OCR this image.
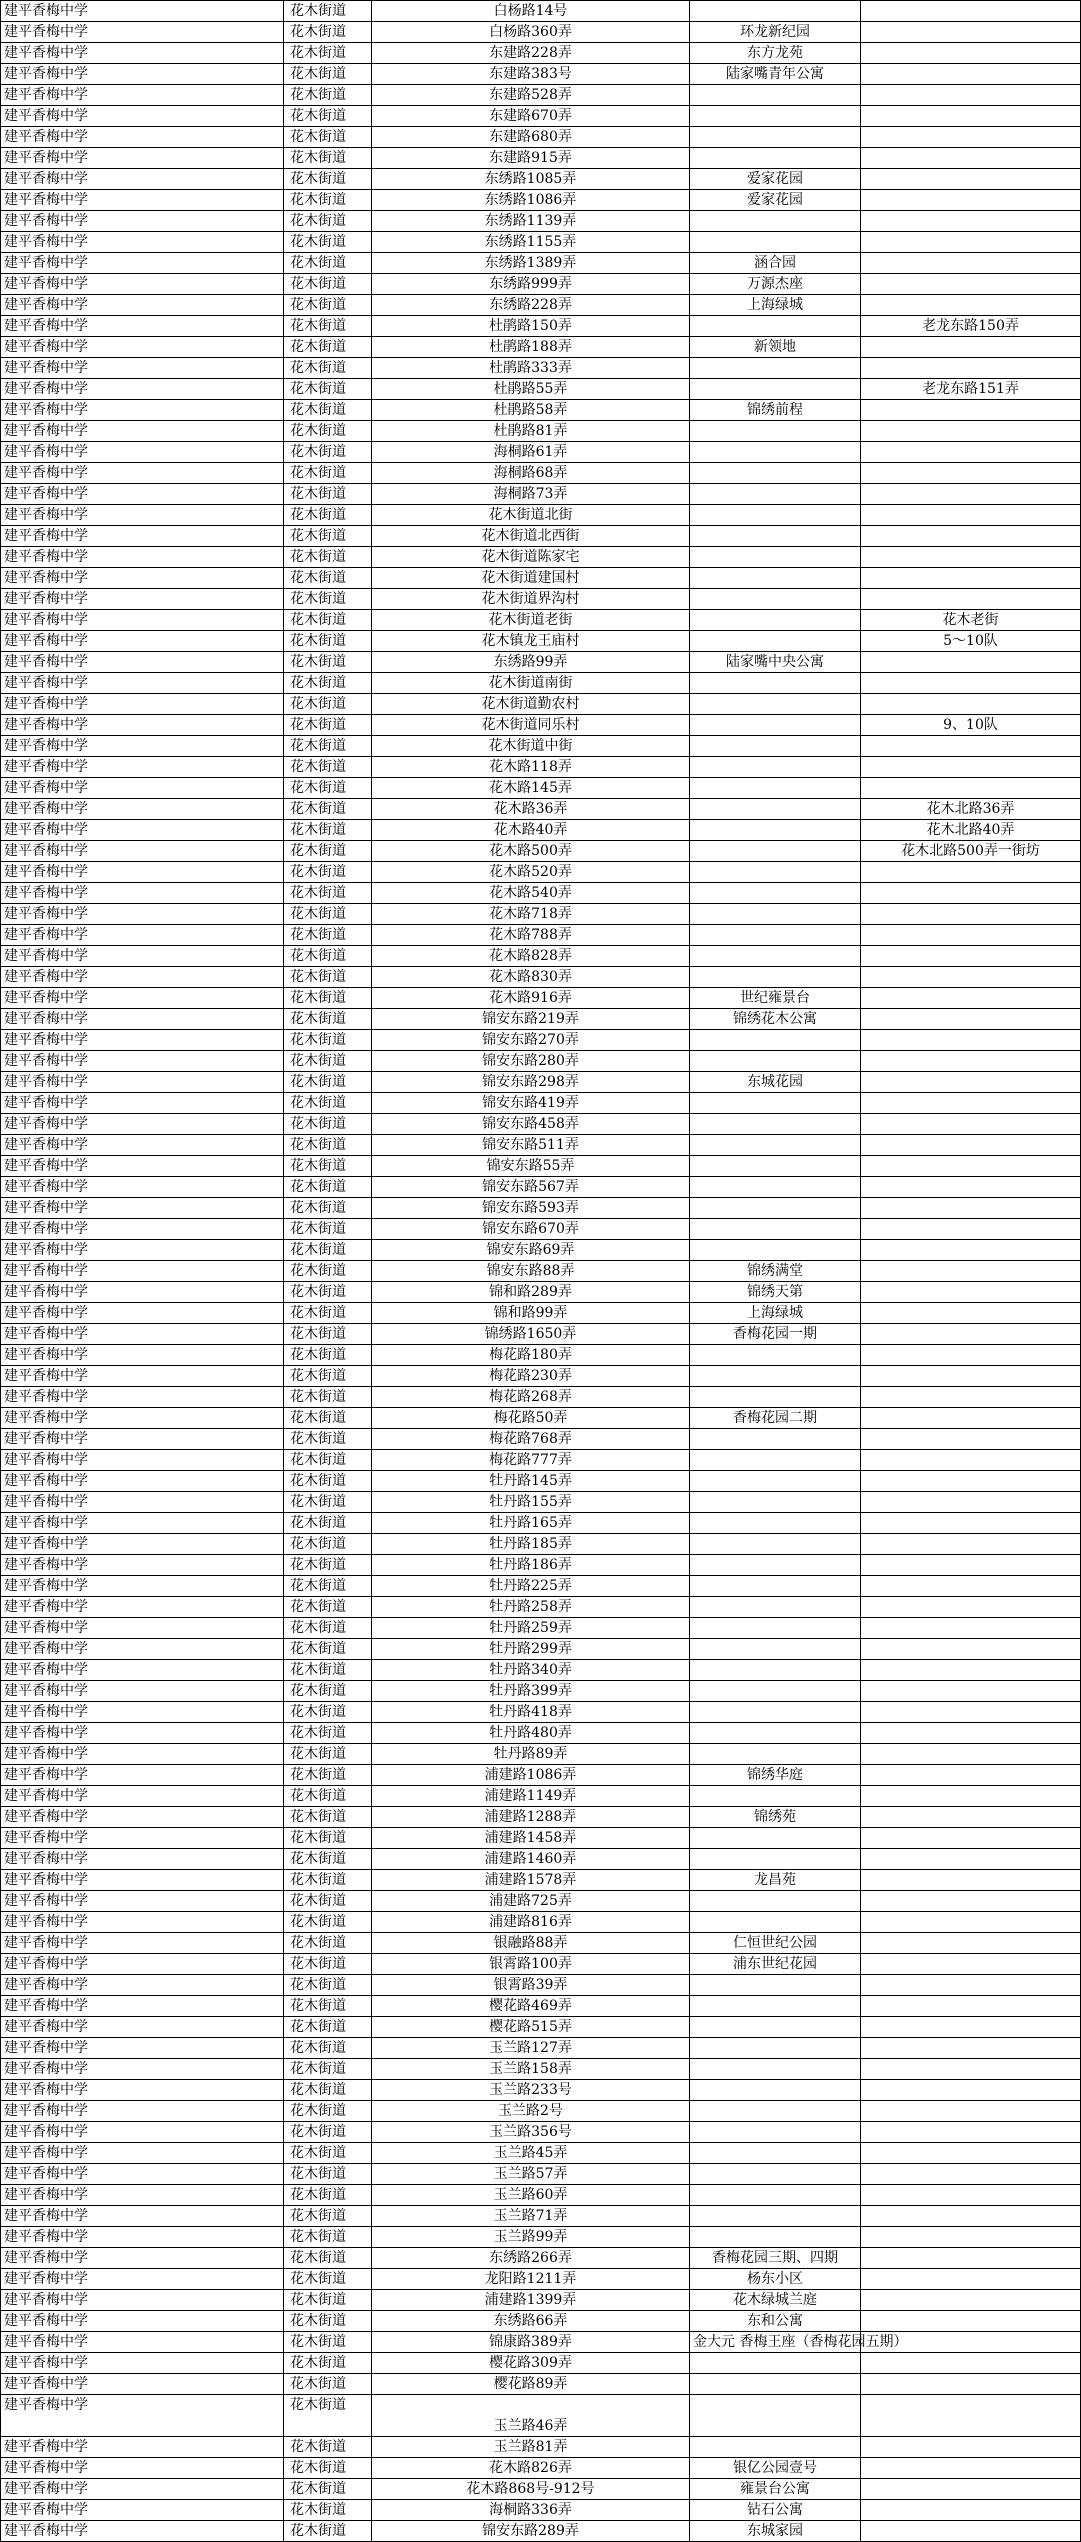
建平香梅中学	花木街道	白杨路14号		
建平香梅中学	花木街道	白杨路360弄	环龙新纪园	
建平香梅中学	花木街道	东建路228弄	东方龙苑	
建平香梅中学	花木街道	东建路383号	陆家嘴青年公寓	
建平香梅中学	花木街道	东建路528弄		
建平香梅中学	花木街道	东建路670弄		
建平香梅中学	花木街道	东建路680弄		
建平香梅中学	花木街道	东建路915弄		
建平香梅中学	花木街道	东绣路1085弄	爱家花园	
建平香梅中学	花木街道	东绣路1086弄	爱家花园	
建平香梅中学	花木街道	东绣路1139弄		
建平香梅中学	花木街道	东绣路1155弄		
建平香梅中学	花木街道	东绣路1389弄	涵合园	
建平香梅中学	花木街道	东绣路999弄	万源杰座	
建平香梅中学	花木街道	东绣路228弄	上海绿城	
建平香梅中学	花木街道	杜鹃路150弄		老龙东路150弄
建平香梅中学	花木街道	杜鹃路188弄	新领地	
建平香梅中学	花木街道	杜鹃路333弄		
建平香梅中学	花木街道	杜鹃路55弄		老龙东路151弄
建平香梅中学	花木街道	杜鹃路58弄	锦绣前程	
建平香梅中学	花木街道	杜鹃路81弄		
建平香梅中学	花木街道	海桐路61弄		
建平香梅中学	花木街道	海桐路68弄		
建平香梅中学	花木街道	海桐路73弄		
建平香梅中学	花木街道	花木街道北街		
建平香梅中学	花木街道	花木街道北西街		
建平香梅中学	花木街道	花木街道陈家宅		
建平香梅中学	花木街道	花木街道建国村		
建平香梅中学	花木街道	花木街道界沟村		
建平香梅中学	花木街道	花木街道老街		花木老街
建平香梅中学	花木街道	花木镇龙王庙村		5～10队
建平香梅中学	花木街道	东绣路99弄	陆家嘴中央公寓	
建平香梅中学	花木街道	花木街道南街		
建平香梅中学	花木街道	花木街道勤农村		
建平香梅中学	花木街道	花木街道同乐村		9、10队
建平香梅中学	花木街道	花木街道中街		
建平香梅中学	花木街道	花木路118弄		
建平香梅中学	花木街道	花木路145弄		
建平香梅中学	花木街道	花木路36弄		花木北路36弄
建平香梅中学	花木街道	花木路40弄		花木北路40弄
建平香梅中学	花木街道	花木路500弄		花木北路500弄一街坊
建平香梅中学	花木街道	花木路520弄		
建平香梅中学	花木街道	花木路540弄		
建平香梅中学	花木街道	花木路718弄		
建平香梅中学	花木街道	花木路788弄		
建平香梅中学	花木街道	花木路828弄		
建平香梅中学	花木街道	花木路830弄		
建平香梅中学	花木街道	花木路916弄	世纪雍景台	
建平香梅中学	花木街道	锦安东路219弄	锦绣花木公寓	
建平香梅中学	花木街道	锦安东路270弄		
建平香梅中学	花木街道	锦安东路280弄		
建平香梅中学	花木街道	锦安东路298弄	东城花园	
建平香梅中学	花木街道	锦安东路419弄		
建平香梅中学	花木街道	锦安东路458弄		
建平香梅中学	花木街道	锦安东路511弄		
建平香梅中学	花木街道	锦安东路55弄		
建平香梅中学	花木街道	锦安东路567弄		
建平香梅中学	花木街道	锦安东路593弄		
建平香梅中学	花木街道	锦安东路670弄		
建平香梅中学	花木街道	锦安东路69弄		
建平香梅中学	花木街道	锦安东路88弄	锦绣满堂	
建平香梅中学	花木街道	锦和路289弄	锦绣天第	
建平香梅中学	花木街道	锦和路99弄	上海绿城	
建平香梅中学	花木街道	锦绣路1650弄	香梅花园一期	
建平香梅中学	花木街道	梅花路180弄		
建平香梅中学	花木街道	梅花路230弄		
建平香梅中学	花木街道	梅花路268弄		
建平香梅中学	花木街道	梅花路50弄	香梅花园二期	
建平香梅中学	花木街道	梅花路768弄		
建平香梅中学	花木街道	梅花路777弄		
建平香梅中学	花木街道	牡丹路145弄		
建平香梅中学	花木街道	牡丹路155弄		
建平香梅中学	花木街道	牡丹路165弄		
建平香梅中学	花木街道	牡丹路185弄		
建平香梅中学	花木街道	牡丹路186弄		
建平香梅中学	花木街道	牡丹路225弄		
建平香梅中学	花木街道	牡丹路258弄		
建平香梅中学	花木街道	牡丹路259弄		
建平香梅中学	花木街道	牡丹路299弄		
建平香梅中学	花木街道	牡丹路340弄		
建平香梅中学	花木街道	牡丹路399弄		
建平香梅中学	花木街道	牡丹路418弄		
建平香梅中学	花木街道	牡丹路480弄		
建平香梅中学	花木街道	牡丹路89弄		
建平香梅中学	花木街道	浦建路1086弄	锦绣华庭	
建平香梅中学	花木街道	浦建路1149弄		
建平香梅中学	花木街道	浦建路1288弄	锦绣苑	
建平香梅中学	花木街道	浦建路1458弄		
建平香梅中学	花木街道	浦建路1460弄		
建平香梅中学	花木街道	浦建路1578弄	龙昌苑	
建平香梅中学	花木街道	浦建路725弄		
建平香梅中学	花木街道	浦建路816弄		
建平香梅中学	花木街道	银融路88弄	仁恒世纪公园	
建平香梅中学	花木街道	银霄路100弄	浦东世纪花园	
建平香梅中学	花木街道	银霄路39弄		
建平香梅中学	花木街道	樱花路469弄		
建平香梅中学	花木街道	樱花路515弄		
建平香梅中学	花木街道	玉兰路127弄		
建平香梅中学	花木街道	玉兰路158弄		
建平香梅中学	花木街道	玉兰路233号		
建平香梅中学	花木街道	玉兰路2号		
建平香梅中学	花木街道	玉兰路356号		
建平香梅中学	花木街道	玉兰路45弄		
建平香梅中学	花木街道	玉兰路57弄		
建平香梅中学	花木街道	玉兰路60弄		
建平香梅中学	花木街道	玉兰路71弄		
建平香梅中学	花木街道	玉兰路99弄		
建平香梅中学	花木街道	东绣路266弄	香梅花园三期、四期	
建平香梅中学	花木街道	龙阳路1211弄	杨东小区	
建平香梅中学	花木街道	浦建路1399弄	花木绿城兰庭	
建平香梅中学	花木街道	东绣路66弄	东和公寓	
建平香梅中学	花木街道	锦康路389弄	金大元 香梅王座（香梅花园五期）	
建平香梅中学	花木街道	樱花路309弄		
建平香梅中学	花木街道	樱花路89弄		
建平香梅中学	花木街道	玉兰路46弄		
建平香梅中学	花木街道	玉兰路81弄		
建平香梅中学	花木街道	花木路826弄	银亿公园壹号	
建平香梅中学	花木街道	花木路868号-912号	雍景台公寓	
建平香梅中学	花木街道	海桐路336弄	钻石公寓	
建平香梅中学	花木街道	锦安东路289弄	东城家园	
